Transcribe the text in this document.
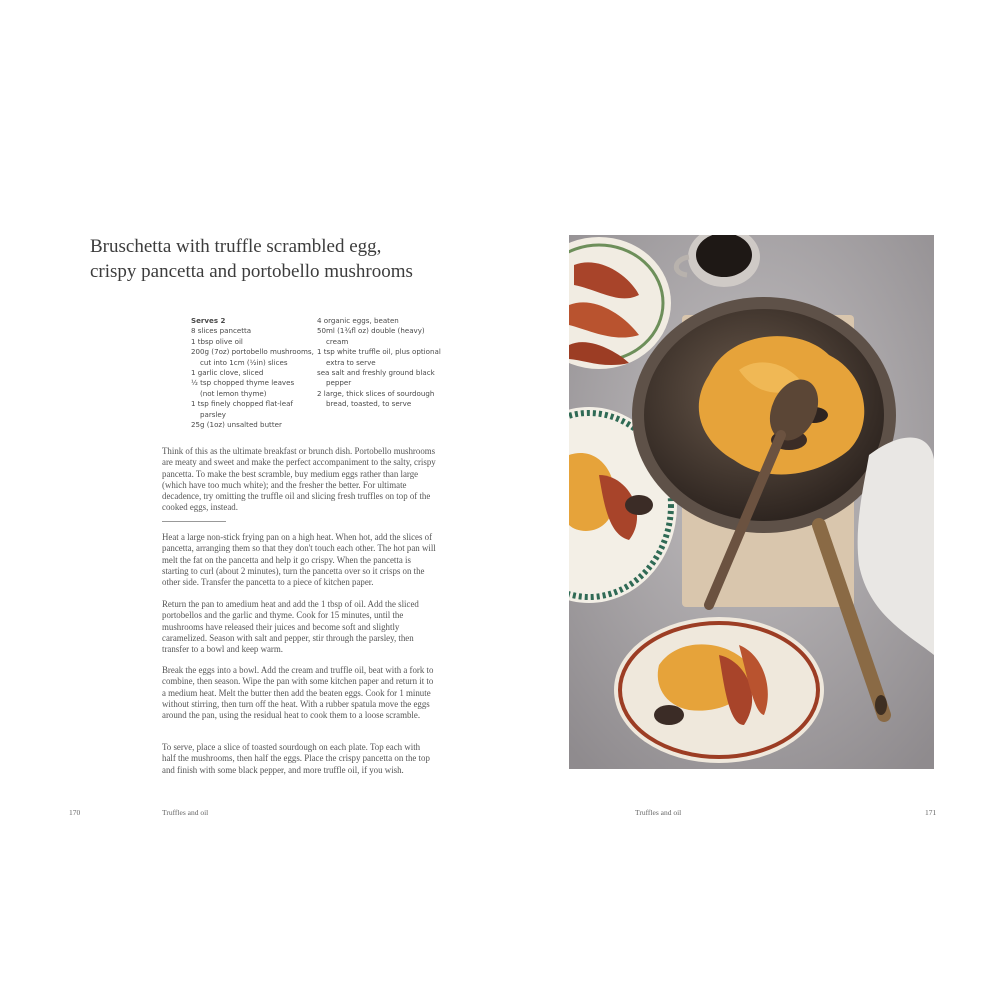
Bruschetta with truffle scrambled egg,
crispy pancetta and portobello mushrooms
Serves 2
8 slices pancetta
1 tbsp olive oil
200g (7oz) portobello mushrooms,
cut into 1cm (½in) slices
1 garlic clove, sliced
½ tsp chopped thyme leaves
(not lemon thyme)
1 tsp finely chopped flat-leaf
parsley
25g (1oz) unsalted butter
4 organic eggs, beaten
50ml (1¾fl oz) double (heavy)
cream
1 tsp white truffle oil, plus optional
extra to serve
sea salt and freshly ground black
pepper
2 large, thick slices of sourdough
bread, toasted, to serve

Think of this as the ultimate breakfast or brunch dish. Portobello mushrooms are meaty and sweet and make the perfect accompaniment to the salty, crispy pancetta. To make the best scramble, buy medium eggs rather than large (which have too much white); and the fresher the better. For ultimate decadence, try omitting the truffle oil and slicing fresh truffles on top of the cooked eggs, instead.

Heat a large non-stick frying pan on a high heat. When hot, add the slices of pancetta, arranging them so that they don't touch each other. The hot pan will melt the fat on the pancetta and help it go crispy. When the pancetta is starting to curl (about 2 minutes), turn the pancetta over so it crisps on the other side. Transfer the pancetta to a piece of kitchen paper.

Return the pan to amedium heat and add the 1 tbsp of oil. Add the sliced portobellos and the garlic and thyme. Cook for 15 minutes, until the mushrooms have released their juices and become soft and slightly caramelized. Season with salt and pepper, stir through the parsley, then transfer to a bowl and keep warm.

Break the eggs into a bowl. Add the cream and truffle oil, beat with a fork to combine, then season. Wipe the pan with some kitchen paper and return it to a medium heat. Melt the butter then add the beaten eggs. Cook for 1 minute without stirring, then turn off the heat. With a rubber spatula move the eggs around the pan, using the residual heat to cook them to a loose scramble.

To serve, place a slice of toasted sourdough on each plate. Top each with half the mushrooms, then half the eggs. Place the crispy pancetta on the top and finish with some black pepper, and more truffle oil, if you wish.

170	Truffles and oil	Truffles and oil	171
